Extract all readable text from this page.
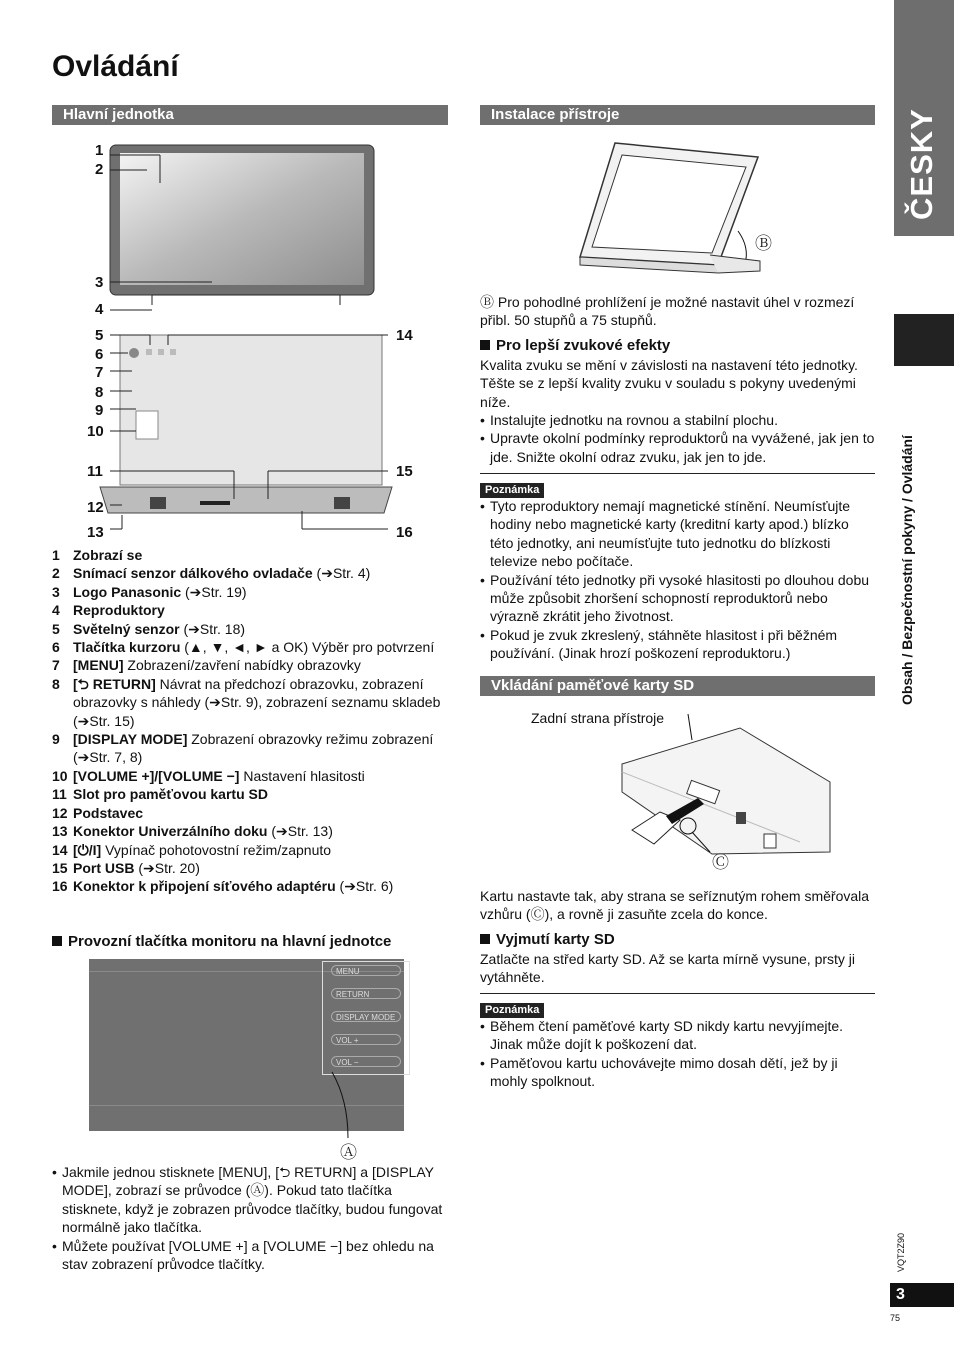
Ovládání
ČESKY
Obsah / Bezpečnostní pokyny / Ovládání
VQT2Z90
3
75
Hlavní jednotka
1
2
3
4
5
6
7
8
9
10
11
12
13
14
15
16
1 Zobrazí se
2 Snímací senzor dálkového ovladače (➔Str. 4)
3 Logo Panasonic (➔Str. 19)
4 Reproduktory
5 Světelný senzor (➔Str. 18)
6 Tlačítka kurzoru (▲, ▼, ◄, ► a OK) Výběr pro potvrzení
7 [MENU] Zobrazení/zavření nabídky obrazovky
8 [⮌ RETURN] Návrat na předchozí obrazovku, zobrazení obrazovky s náhledy (➔Str. 9), zobrazení seznamu skladeb (➔Str. 15)
9 [DISPLAY MODE] Zobrazení obrazovky režimu zobrazení (➔Str. 7, 8)
10 [VOLUME +]/[VOLUME −] Nastavení hlasitosti
11 Slot pro paměťovou kartu SD
12 Podstavec
13 Konektor Univerzálního doku (➔Str. 13)
14 [⏻/I] Vypínač pohotovostní režim/zapnuto
15 Port USB (➔Str. 20)
16 Konektor k připojení síťového adaptéru (➔Str. 6)
Provozní tlačítka monitoru na hlavní jednotce
MENU
RETURN
DISPLAY MODE
VOL +
VOL −
Ⓐ
• Jakmile jednou stisknete [MENU], [⮌ RETURN] a [DISPLAY MODE], zobrazí se průvodce (Ⓐ). Pokud tato tlačítka stisknete, když je zobrazen průvodce tlačítky, budou fungovat normálně jako tlačítka.
• Můžete používat [VOLUME +] a [VOLUME −] bez ohledu na stav zobrazení průvodce tlačítky.
Instalace přístroje
Ⓑ
Ⓑ Pro pohodlné prohlížení je možné nastavit úhel v rozmezí přibl. 50 stupňů a 75 stupňů.
Pro lepší zvukové efekty
Kvalita zvuku se mění v závislosti na nastavení této jednotky. Těšte se z lepší kvality zvuku v souladu s pokyny uvedenými níže.
• Instalujte jednotku na rovnou a stabilní plochu.
• Upravte okolní podmínky reproduktorů na vyvážené, jak jen to jde. Snižte okolní odraz zvuku, jak jen to jde.
Poznámka
• Tyto reproduktory nemají magnetické stínění. Neumísťujte hodiny nebo magnetické karty (kreditní karty apod.) blízko této jednotky, ani neumísťujte tuto jednotku do blízkosti televize nebo počítače.
• Používání této jednotky při vysoké hlasitosti po dlouhou dobu může způsobit zhoršení schopností reproduktorů nebo výrazně zkrátit jeho životnost.
• Pokud je zvuk zkreslený, stáhněte hlasitost i při běžném používání. (Jinak hrozí poškození reproduktoru.)
Vkládání paměťové karty SD
Zadní strana přístroje
Ⓒ
Kartu nastavte tak, aby strana se seříznutým rohem směřovala vzhůru (Ⓒ), a rovně ji zasuňte zcela do konce.
Vyjmutí karty SD
Zatlačte na střed karty SD. Až se karta mírně vysune, prsty ji vytáhněte.
Poznámka
• Během čtení paměťové karty SD nikdy kartu nevyjímejte. Jinak může dojít k poškození dat.
• Paměťovou kartu uchovávejte mimo dosah dětí, jež by ji mohly spolknout.
